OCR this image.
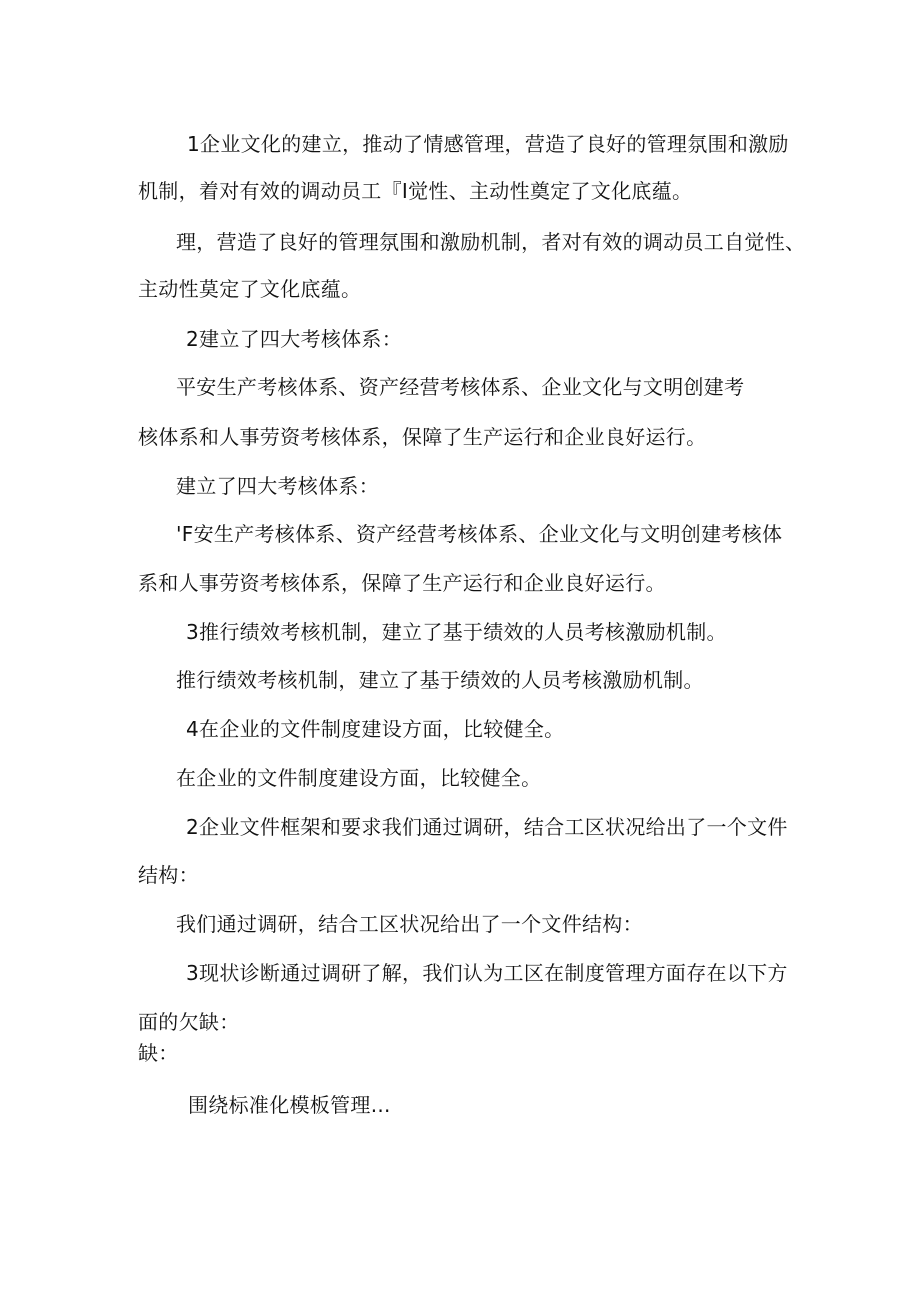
1企业文化的建立，推动了情感管理，营造了良好的管理氛围和激励
机制，着对有效的调动员工『I觉性、主动性奠定了文化底蕴。
理，营造了良好的管理氛围和激励机制，者对有效的调动员工自觉性、
主动性莫定了文化底蕴。
2建立了四大考核体系：
平安生产考核体系、资产经营考核体系、企业文化与文明创建考
核体系和人事劳资考核体系，保障了生产运行和企业良好运行。
建立了四大考核体系：
'F安生产考核体系、资产经营考核体系、企业文化与文明创建考核体
系和人事劳资考核体系，保障了生产运行和企业良好运行。
3推行绩效考核机制，建立了基于绩效的人员考核激励机制。
推行绩效考核机制，建立了基于绩效的人员考核激励机制。
4在企业的文件制度建设方面，比较健全。
在企业的文件制度建设方面，比较健全。
2企业文件框架和要求我们通过调研，结合工区状况给出了一个文件
结构：
我们通过调研，结合工区状况给出了一个文件结构：
3现状诊断通过调研了解，我们认为工区在制度管理方面存在以下方
面的欠缺：
缺：
围绕标准化模板管理...
